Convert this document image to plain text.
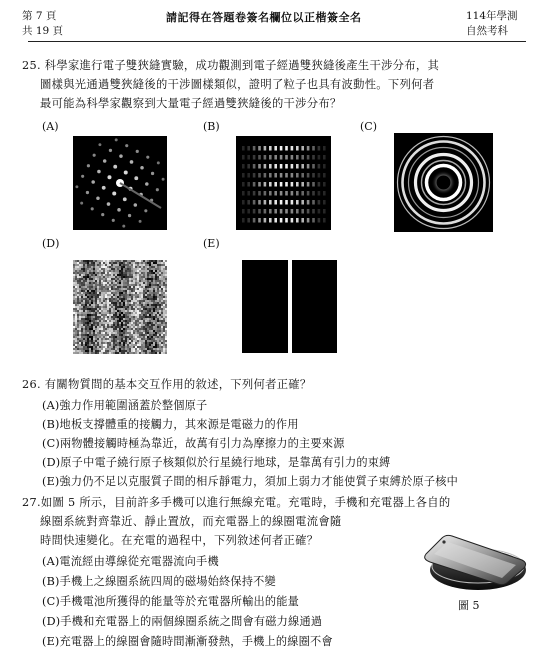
第 7 頁
共 19 頁
請記得在答題卷簽名欄位以正楷簽全名	114年學測
自然考科
25. 科學家進行電子雙狹縫實驗，成功觀測到電子經過雙狹縫後產生干涉分布，其
圖樣與光通過雙狹縫後的干涉圖樣類似，證明了粒子也具有波動性。下列何者
最可能為科學家觀察到大量電子經過雙狹縫後的干涉分布？
(A)	(B)	(C)
(D)	(E)
26. 有關物質間的基本交互作用的敘述，下列何者正確？
(A)強力作用範圍涵蓋於整個原子
(B)地板支撐體重的接觸力，其來源是電磁力的作用
(C)兩物體接觸時極為靠近，故萬有引力為摩擦力的主要來源
(D)原子中電子繞行原子核類似於行星繞行地球，是靠萬有引力的束縛
(E)強力仍不足以克服質子間的相斥靜電力，須加上弱力才能使質子束縛於原子核中
27.如圖 5 所示，目前許多手機可以進行無線充電。充電時，手機和充電器上各自的
線圈系統對齊靠近、靜止置放，而充電器上的線圈電流會隨
時間快速變化。在充電的過程中，下列敘述何者正確？
(A)電流經由導線從充電器流向手機
(B)手機上之線圈系統四周的磁場始終保持不變
(C)手機電池所獲得的能量等於充電器所輸出的能量
(D)手機和充電器上的兩個線圈系統之間會有磁力線通過
(E)充電器上的線圈會隨時間漸漸發熱，手機上的線圈不會
圖 5
